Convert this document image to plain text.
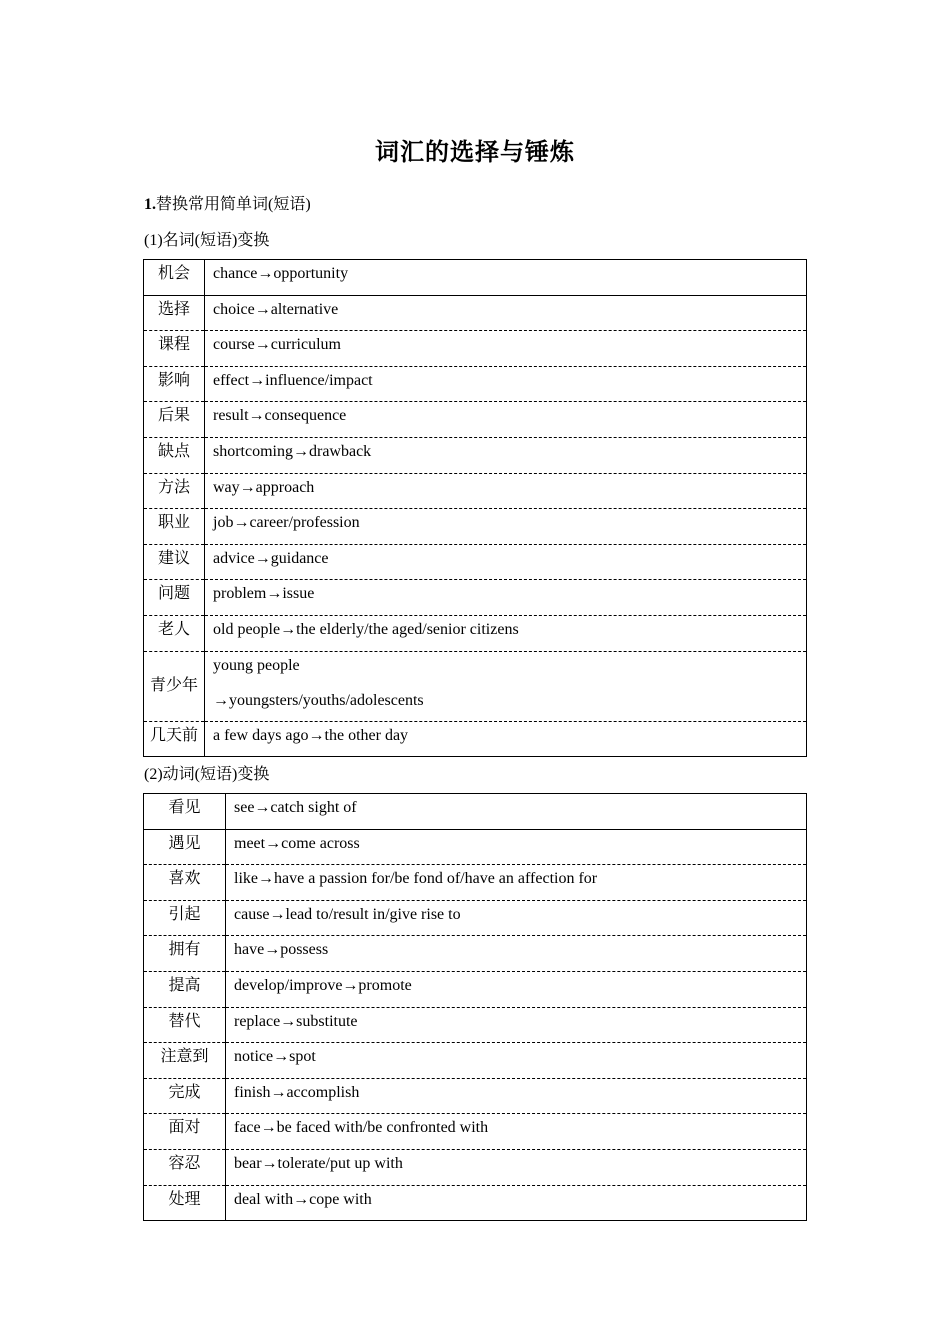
词汇的选择与锤炼
1.替换常用简单词(短语)
(1)名词(短语)变换
机会	chance→opportunity
选择	choice→alternative
课程	course→curriculum
影响	effect→influence/impact
后果	result→consequence
缺点	shortcoming→drawback
方法	way→approach
职业	job→career/profession
建议	advice→guidance
问题	problem→issue
老人	old people→the elderly/the aged/senior citizens
青少年	young people
→youngsters/youths/adolescents

几天前	a few days ago→the other day
(2)动词(短语)变换
看见	see→catch sight of
遇见	meet→come across
喜欢	like→have a passion for/be fond of/have an affection for
引起	cause→lead to/result in/give rise to
拥有	have→possess
提高	develop/improve→promote
替代	replace→substitute
注意到	notice→spot
完成	finish→accomplish
面对	face→be faced with/be confronted with
容忍	bear→tolerate/put up with
处理	deal with→cope with
